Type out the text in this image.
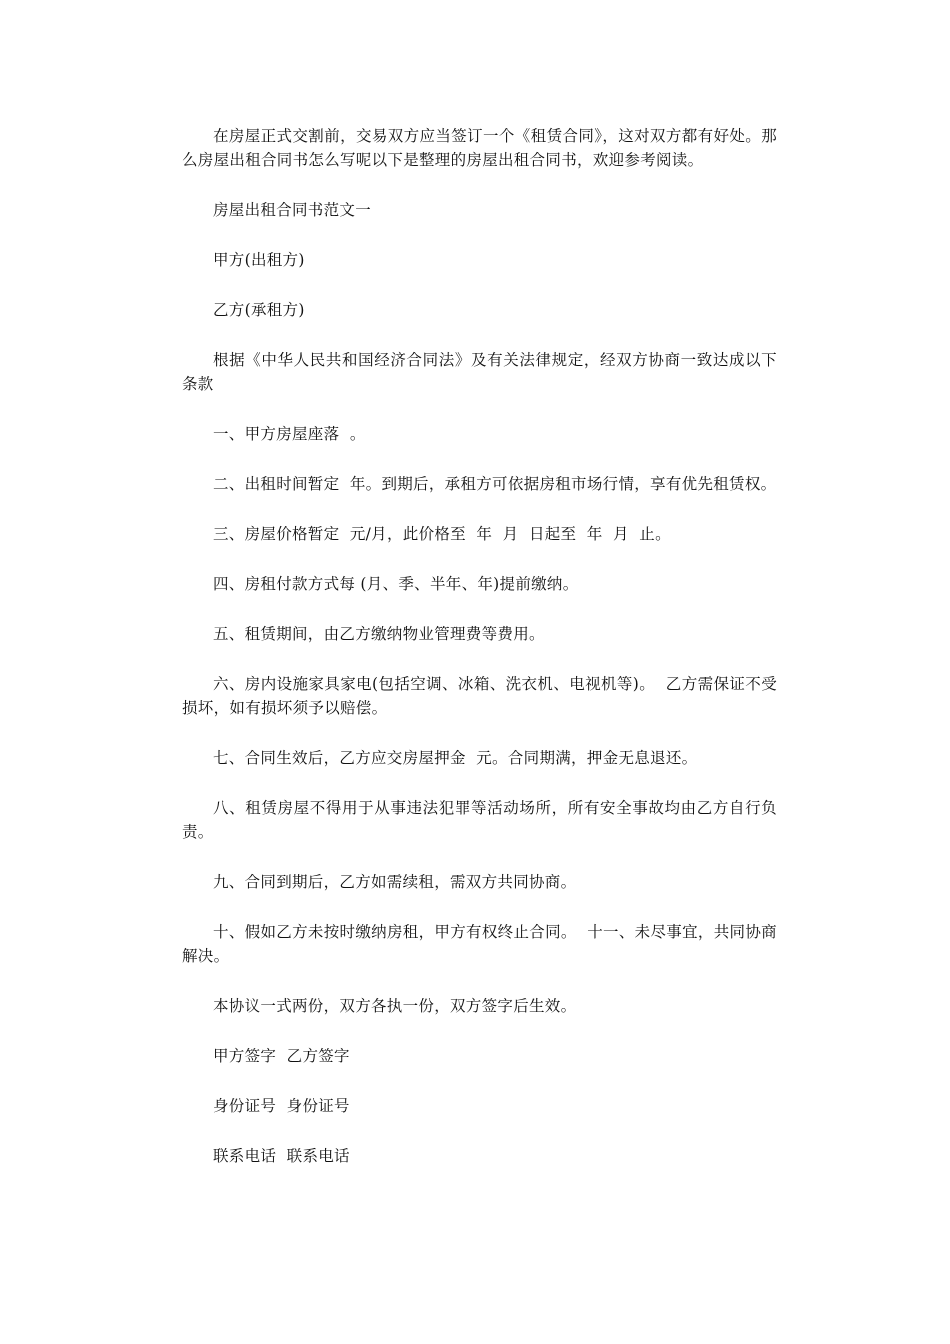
在房屋正式交割前，交易双方应当签订一个《租赁合同》，这对双方都有好处。那么房屋出租合同书怎么写呢以下是整理的房屋出租合同书，欢迎参考阅读。

房屋出租合同书范文一

甲方(出租方)

乙方(承租方)

根据《中华人民共和国经济合同法》及有关法律规定，经双方协商一致达成以下条款

一、甲方房屋座落  。

二、出租时间暂定  年。到期后，承租方可依据房租市场行情，享有优先租赁权。

三、房屋价格暂定  元/月，此价格至  年  月  日起至  年  月  止。

四、房租付款方式每 (月、季、半年、年)提前缴纳。

五、租赁期间，由乙方缴纳物业管理费等费用。

六、房内设施家具家电(包括空调、冰箱、洗衣机、电视机等)。  乙方需保证不受损坏，如有损坏须予以赔偿。

七、合同生效后，乙方应交房屋押金  元。合同期满，押金无息退还。

八、租赁房屋不得用于从事违法犯罪等活动场所，所有安全事故均由乙方自行负责。

九、合同到期后，乙方如需续租，需双方共同协商。

十、假如乙方未按时缴纳房租，甲方有权终止合同。  十一、未尽事宜，共同协商解决。

本协议一式两份，双方各执一份，双方签字后生效。

甲方签字  乙方签字

身份证号  身份证号

联系电话  联系电话
